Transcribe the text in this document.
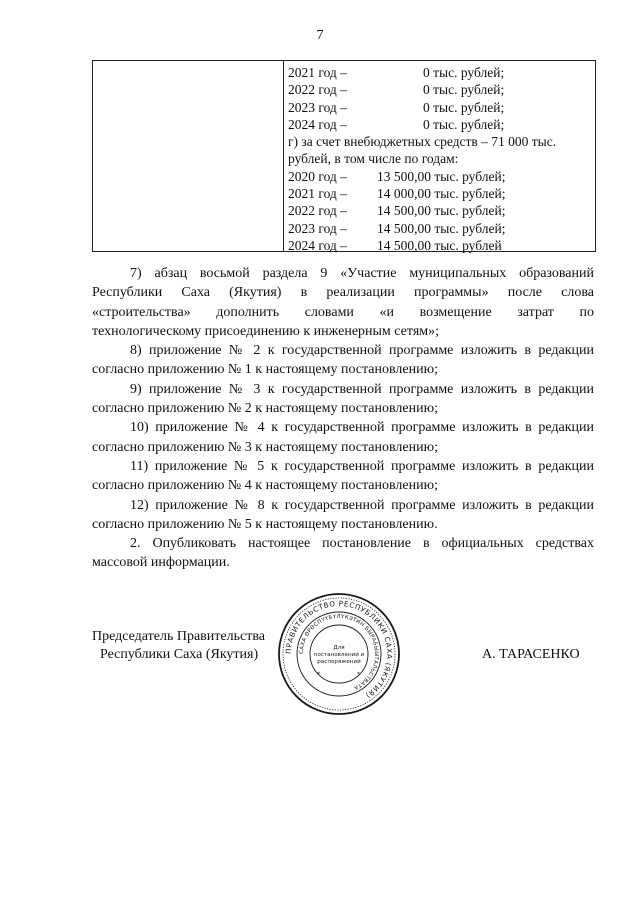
7
2021 год –	0 тыс. рублей;
2022 год –	0 тыс. рублей;
2023 год –	0 тыс. рублей;
2024 год –	0 тыс. рублей;
г) за счет внебюджетных средств – 71 000 тыс.
рублей, в том числе по годам:
2020 год –	13 500,00 тыс. рублей;
2021 год –	14 000,00 тыс. рублей;
2022 год –	14 500,00 тыс. рублей;
2023 год –	14 500,00 тыс. рублей;
2024 год –	14 500,00 тыс. рублей
7) абзац восьмой раздела 9 «Участие муниципальных образований
Республики Саха (Якутия) в реализации программы» после слова
«строительства» дополнить словами «и возмещение затрат по
технологическому присоединению к инженерным сетям»;
8) приложение № 2 к государственной программе изложить в редакции
согласно приложению № 1 к настоящему постановлению;
9) приложение № 3 к государственной программе изложить в редакции
согласно приложению № 2 к настоящему постановлению;
10) приложение № 4 к государственной программе изложить в редакции
согласно приложению № 3 к настоящему постановлению;
11) приложение № 5 к государственной программе изложить в редакции
согласно приложению № 4 к настоящему постановлению;
12) приложение № 8 к государственной программе изложить в редакции
согласно приложению № 5 к настоящему постановлению.
2. Опубликовать настоящее постановление в официальных средствах
массовой информации.
Председатель Правительства
Республики Саха (Якутия)	А. ТАРАСЕНКО
ПРАВИТЕЛЬСТВО РЕСПУБЛИКИ САХА (ЯКУТИЯ)
САХА ӨРӨСПҮҮБҮЛҮКЭТИН БЫРАБЫЫТАЛЬСТВАТА
Для
постановлений и
распоряжений
*	*
